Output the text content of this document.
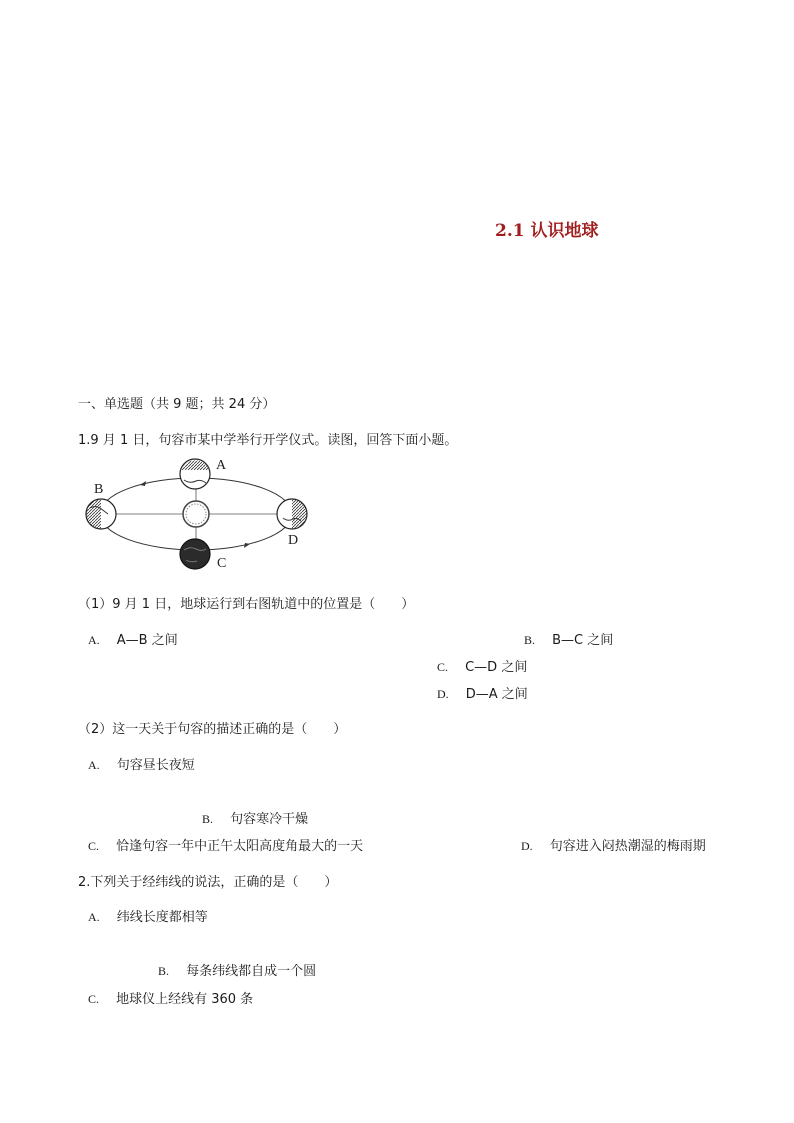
2.1 认识地球
一、单选题（共 9 题；共 24 分）
1.9 月 1 日，句容市某中学举行开学仪式。读图，回答下面小题。
A
B
C
D
（1）9 月 1 日，地球运行到右图轨道中的位置是（　　）
A. A—B 之间	B. B—C 之间
C. C—D 之间
D. D—A 之间
（2）这一天关于句容的描述正确的是（　　）
A. 句容昼长夜短
B. 句容寒冷干燥
C. 恰逢句容一年中正午太阳高度角最大的一天	D. 句容进入闷热潮湿的梅雨期
2.下列关于经纬线的说法，正确的是（　　）
A. 纬线长度都相等
B. 每条纬线都自成一个圆
C. 地球仪上经线有 360 条
